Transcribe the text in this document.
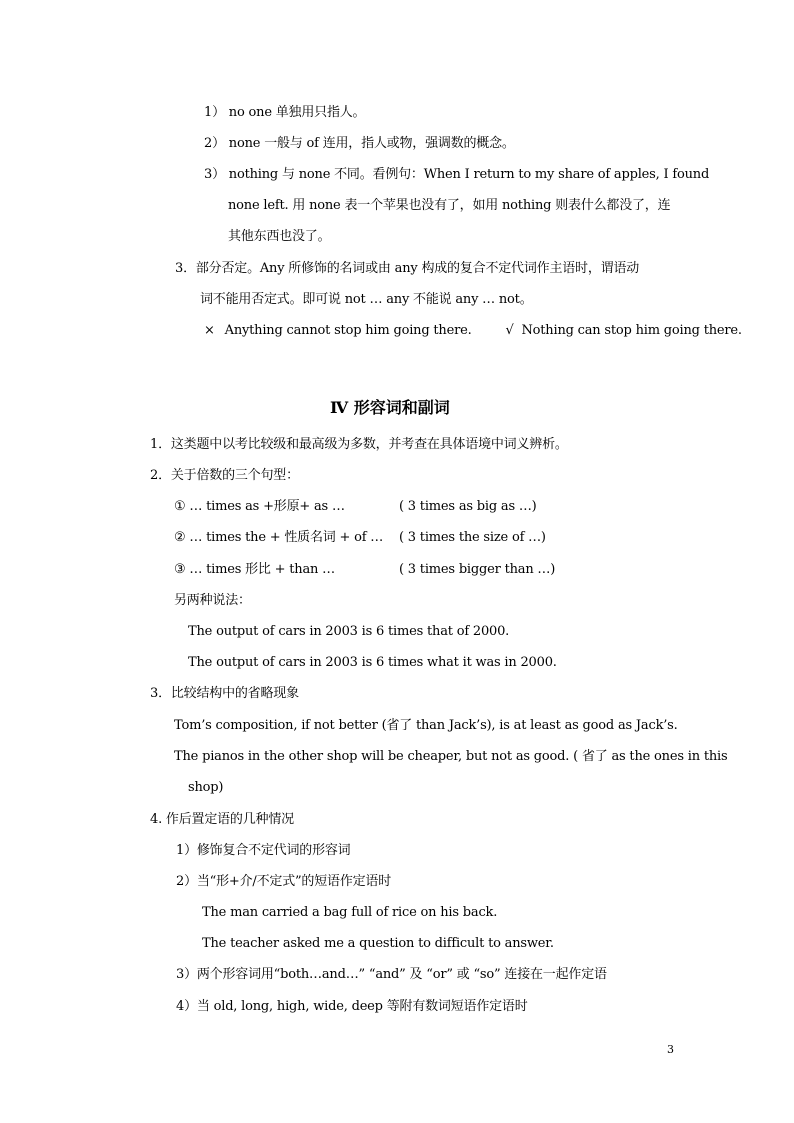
1） no one 单独用只指人。
2） none 一般与 of 连用，指人或物，强调数的概念。
3） nothing 与 none 不同。看例句：When I return to my share of apples, I found
none left. 用 none 表一个苹果也没有了，如用 nothing 则表什么都没了，连
其他东西也没了。
3．部分否定。Any 所修饰的名词或由 any 构成的复合不定代词作主语时，谓语动
词不能用否定式。即可说 not … any 不能说 any … not。
× Anything cannot stop him going there.	√ Nothing can stop him going there.
Ⅳ 形容词和副词
1．这类题中以考比较级和最高级为多数，并考查在具体语境中词义辨析。
2．关于倍数的三个句型：
① … times as +形原+ as …	( 3 times as big as …)
② … times the + 性质名词 + of … ( 3 times the size of …)
③ … times 形比 + than …	( 3 times bigger than …)
另两种说法：
The output of cars in 2003 is 6 times that of 2000.
The output of cars in 2003 is 6 times what it was in 2000.
3．比较结构中的省略现象
Tom’s composition, if not better (省了 than Jack’s), is at least as good as Jack’s.
The pianos in the other shop will be cheaper, but not as good. ( 省了 as the ones in this
shop)
4. 作后置定语的几种情况
1）修饰复合不定代词的形容词
2）当“形+介/不定式”的短语作定语时
The man carried a bag full of rice on his back.
The teacher asked me a question to difficult to answer.
3）两个形容词用“both…and…” “and” 及 “or” 或 “so” 连接在一起作定语
4）当 old, long, high, wide, deep 等附有数词短语作定语时
3
